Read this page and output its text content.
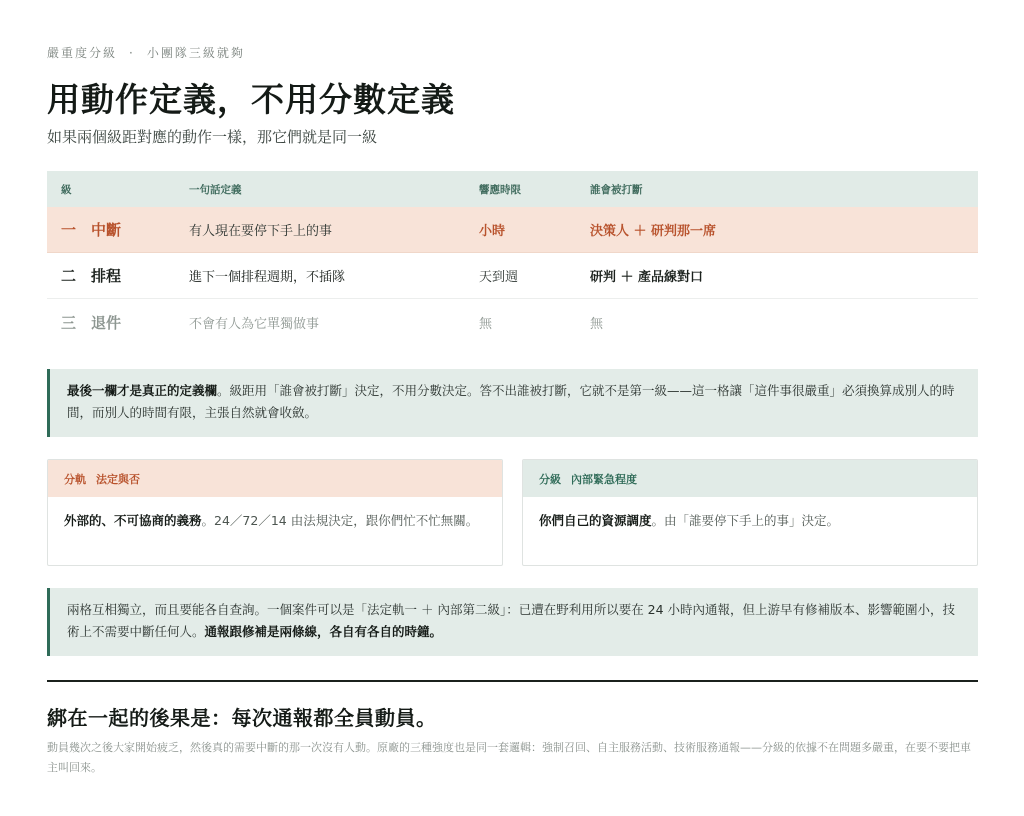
嚴重度分級 · 小團隊三級就夠
用動作定義，不用分數定義
如果兩個級距對應的動作一樣，那它們就是同一級
級	一句話定義	響應時限	誰會被打斷
一 中斷	有人現在要停下手上的事	小時	決策人 ＋ 研判那一席
二 排程	進下一個排程週期，不插隊	天到週	研判 ＋ 產品線對口
三 退件	不會有人為它單獨做事	無	無
最後一欄才是真正的定義欄。級距用「誰會被打斷」決定，不用分數決定。答不出誰被打斷，它就不是第一級——這一格讓「這件事很嚴重」必須換算成別人的時間，而別人的時間有限，主張自然就會收斂。
分軌 法定與否
外部的、不可協商的義務。24／72／14 由法規決定，跟你們忙不忙無關。
分級 內部緊急程度
你們自己的資源調度。由「誰要停下手上的事」決定。
兩格互相獨立，而且要能各自查詢。一個案件可以是「法定軌一 ＋ 內部第二級」：已遭在野利用所以要在 24 小時內通報，但上游早有修補版本、影響範圍小，技術上不需要中斷任何人。通報跟修補是兩條線，各自有各自的時鐘。
綁在一起的後果是：每次通報都全員動員。

動員幾次之後大家開始疲乏，然後真的需要中斷的那一次沒有人動。原廠的三種強度也是同一套邏輯：強制召回、自主服務活動、技術服務通報——分級的依據不在問題多嚴重，在要不要把車主叫回來。
